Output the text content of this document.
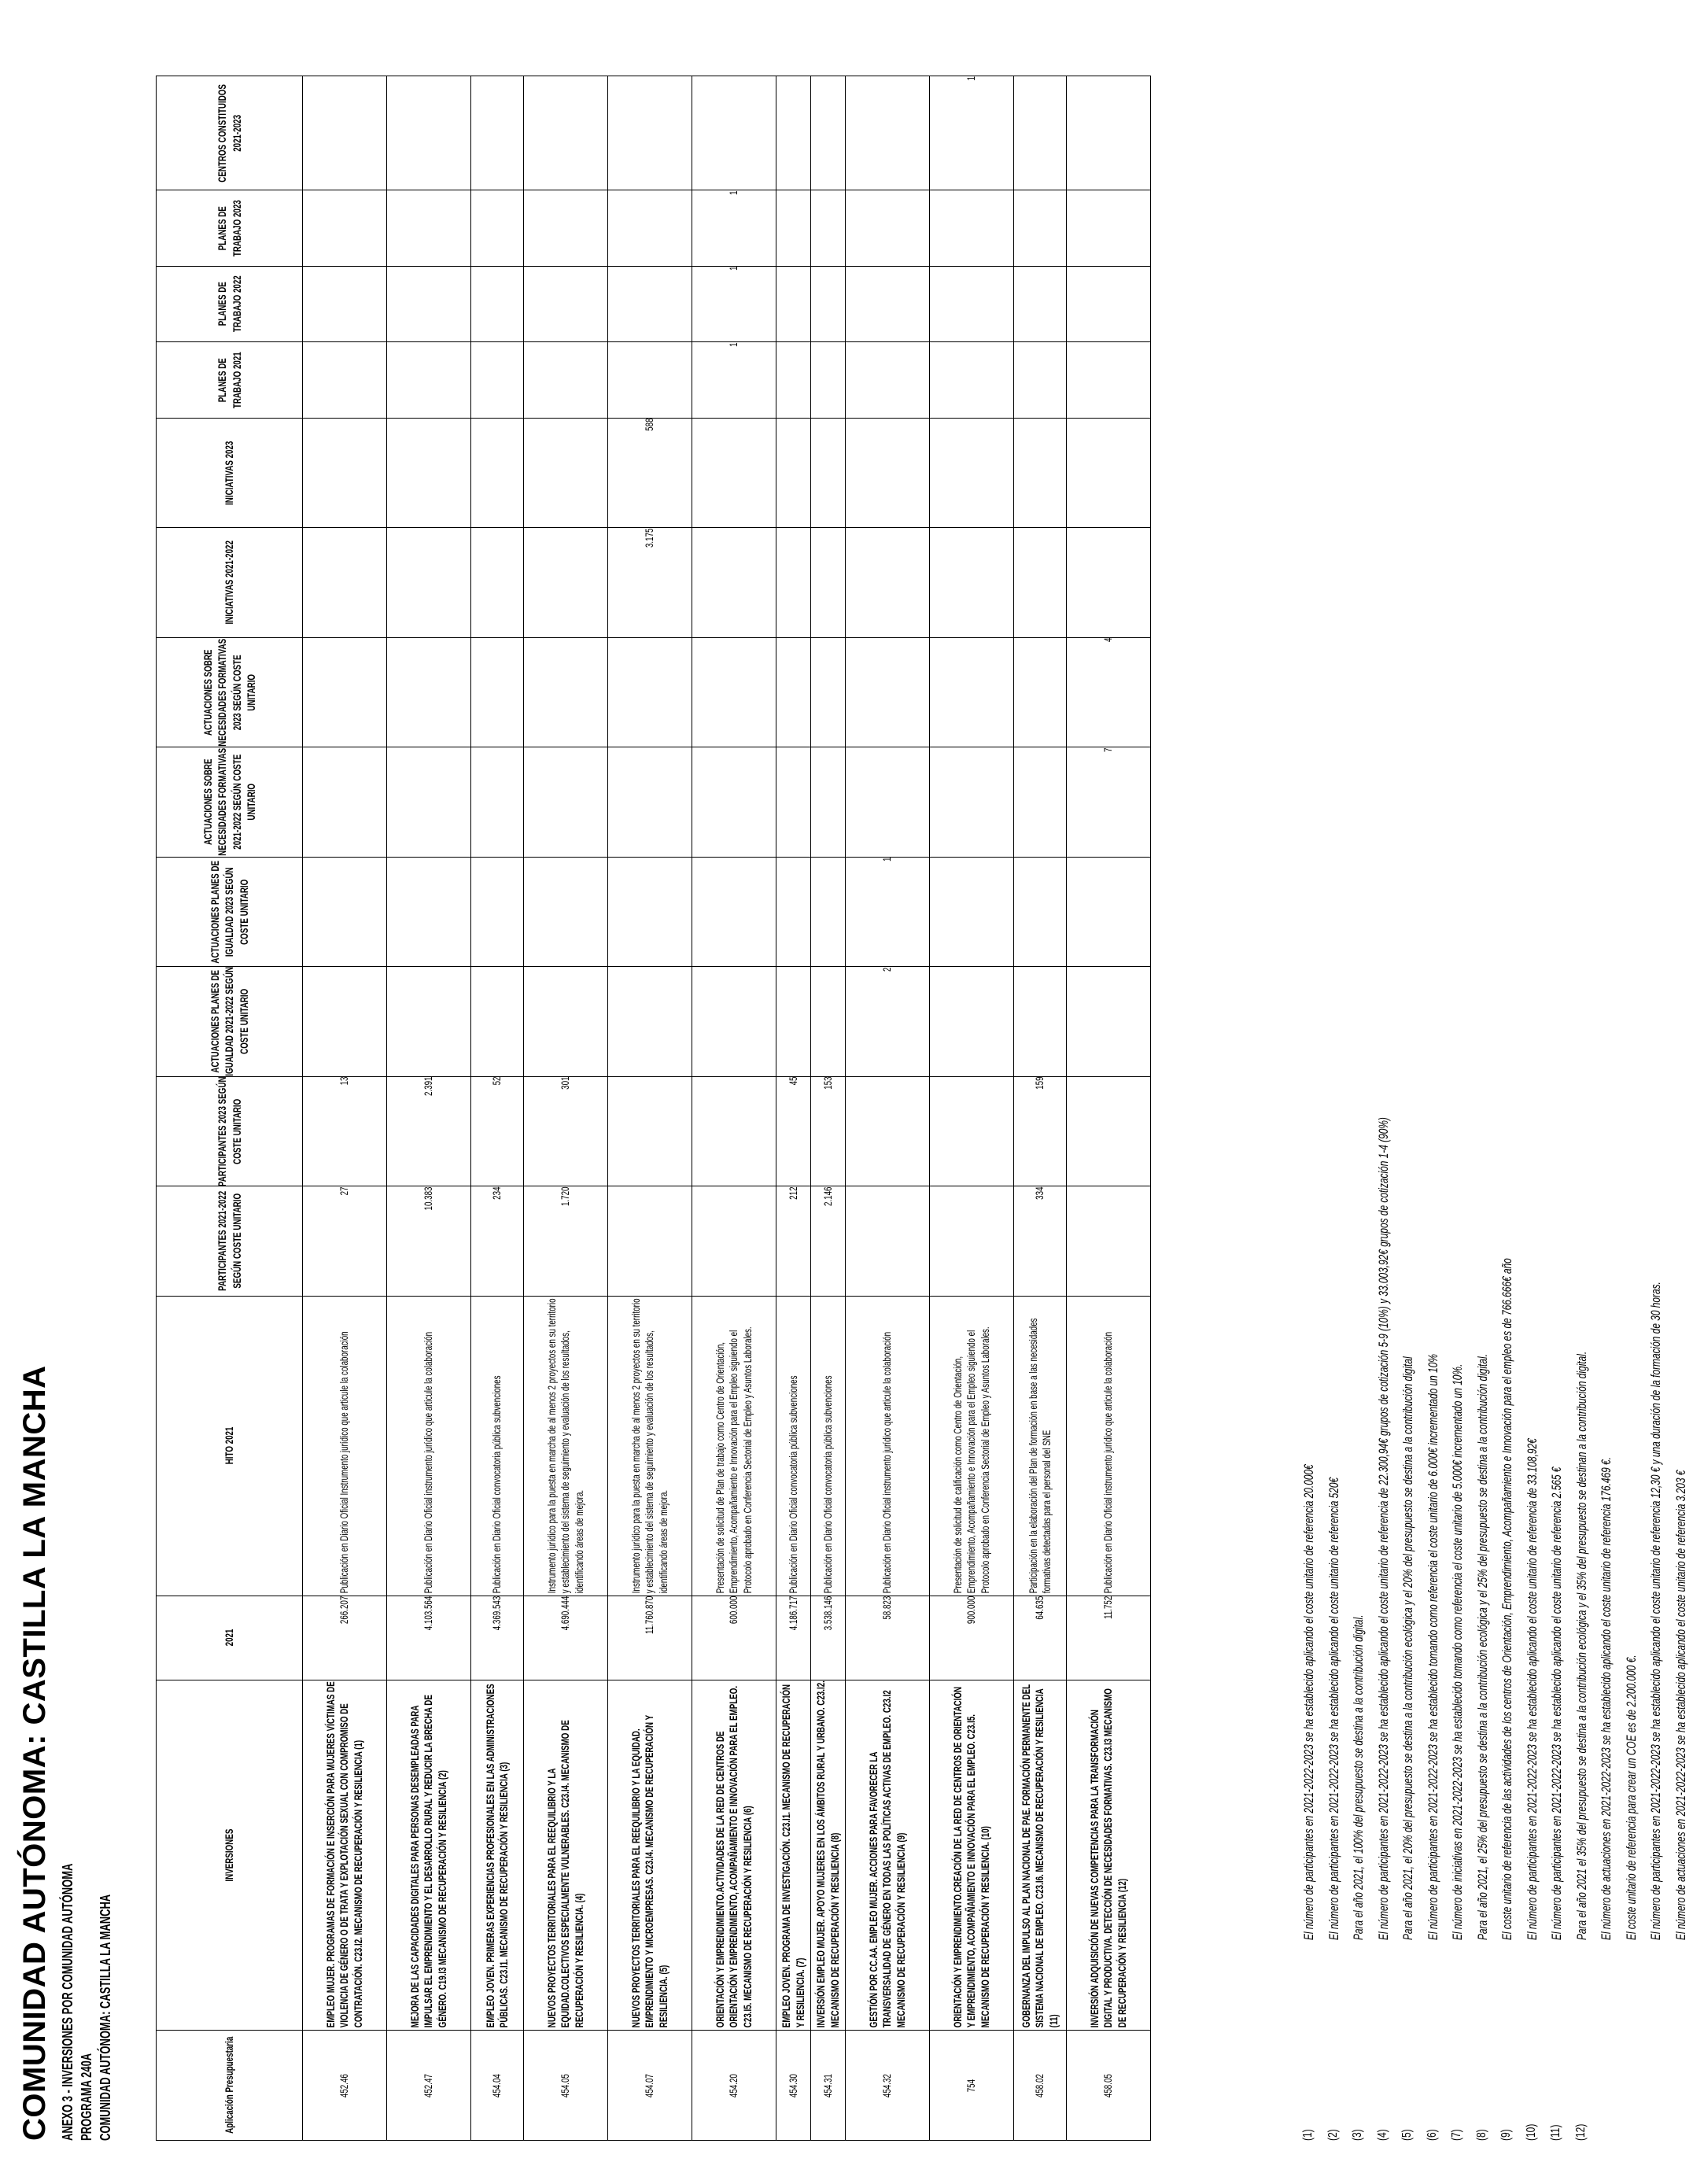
COMUNIDAD AUTÓNOMA: CASTILLA LA MANCHA ANEXO 3 - INVERSIONES POR COMUNIDAD AUTÓNOMA PROGRAMA 240A COMUNIDAD AUTÓNOMA: CASTILLA LA MANCHA	Aplicación Presupuestaria	INVERSIONES	2021	HITO 2021	PARTICIPANTES 2021-2022 SEGÚN COSTE UNITARIO	PARTICIPANTES 2023 SEGÚN COSTE UNITARIO	ACTUACIONES PLANES DE IGUALDAD 2021-2022 SEGÚN COSTE UNITARIO	ACTUACIONES PLANES DE IGUALDAD 2023 SEGÚN COSTE UNITARIO	ACTUACIONES SOBRE NECESIDADES FORMATIVAS 2021-2022 SEGÚN COSTE UNITARIO	ACTUACIONES SOBRE NECESIDADES FORMATIVAS 2023 SEGÚN COSTE UNITARIO	INICIATIVAS 2021-2022	INICIATIVAS 2023	PLANES DE TRABAJO 2021	PLANES DE TRABAJO 2022	PLANES DE TRABAJO 2023	CENTROS CONSTITUIDOS 2021-2023

452.46	EMPLEO MUJER. PROGRAMAS DE FORMACIÓN E INSERCIÓN PARA MUJERES VÍCTIMAS DE VIOLENCIA DE GÉNERO O DE TRATA Y EXPLOTACIÓN SEXUAL CON COMPROMISO DE CONTRATACIÓN. C23.I2. MECANISMO DE RECUPERACIÓN Y RESILIENCIA (1)	266.207	Publicación en Diario Oficial Instrumento jurídico que articule la colaboración	27	13										

452.47	MEJORA DE LAS CAPACIDADES DIGITALES PARA PERSONAS DESEMPLEADAS PARA IMPULSAR EL EMPRENDIMIENTO Y EL DESARROLLO RURAL Y REDUCIR LA BRECHA DE GÉNERO. C19.I3 MECANISMO DE RECUPERACIÓN Y RESILIENCIA (2)	4.103.564	Publicación en Diario Oficial instrumento jurídico que articule la colaboración	10.383	2.391										

454.04	EMPLEO JOVEN. PRIMERAS EXPERIENCIAS PROFESIONALES EN LAS ADMINISTRACIONES PÚBLICAS. C23.I1. MECANISMO DE RECUPERACIÓN Y RESILIENCIA (3)	4.369.543	Publicación en Diario Oficial convocatoria pública subvenciones	234	52										

454.05	NUEVOS PROYECTOS TERRITORIALES PARA EL REEQUILIBRIO Y LA EQUIDAD.COLECTIVOS ESPECIALMENTE VULNERABLES. C23.I4. MECANISMO DE RECUPERACIÓN Y RESILIENCIA. (4)	4.690.444	Instrumento jurídico para la puesta en marcha de al menos 2 proyectos en su territorio y establecimiento del sistema de seguimiento y evaluación de los resultados, identificando áreas de mejora.	1.720	301										

454.07	NUEVOS PROYECTOS TERRITORIALES PARA EL REEQUILIBRIO Y LA EQUIDAD. EMPRENDIMIENTO Y MICROEMPRESAS. C23.I4. MECANISMO DE RECUPERACIÓN Y RESILIENCIA. (5)	11.760.870	Instrumento jurídico para la puesta en marcha de al menos 2 proyectos en su territorio y establecimiento del sistema de seguimiento y evaluación de los resultados, identificando áreas de mejora.							3.175	588				

454.20	ORIENTACIÓN Y EMPRENDIMIENTO.ACTIVIDADES DE LA RED DE CENTROS DE ORIENTACIÓN Y EMPRENDIMIENTO, ACOMPAÑAMIENTO E INNOVACIÓN PARA EL EMPLEO. C23.I5. MECANISMO DE RECUPERACIÓN Y RESILIENCIA (6)	600.000	Presentación de solicitud de Plan de trabajo como Centro de Orientación, Emprendimiento, Acompañamiento e Innovación para el Empleo siguiendo el Protocolo aprobado en Conferencia Sectorial de Empleo y Asuntos Laborales.									1	1	1	

454.30	EMPLEO JOVEN. PROGRAMA DE INVESTIGACIÓN. C23.I1. MECANISMO DE RECUPERACIÓN Y RESILIENCIA. (7)	4.186.717	Publicación en Diario Oficial convocatoria pública subvenciones	212	45										

454.31	INVERSIÓN EMPLEO MUJER. APOYO MUJERES EN LOS ÁMBITOS RURAL Y URBANO. C23.I2. MECANISMO DE RECUPERACIÓN Y RESILIENCIA (8)	3.538.146	Publicación en Diario Oficial convocatoria pública subvenciones	2.146	153										

454.32	GESTIÓN POR CC.AA. EMPLEO MUJER. ACCIONES PARA FAVORECER LA TRANSVERSALIDAD DE GÉNERO EN TODAS LAS POLÍTICAS ACTIVAS DE EMPLEO. C23.I2 MECANISMO DE RECUPERACIÓN Y RESILIENCIA (9)	58.823	Publicación en Diario Oficial instrumento jurídico que articule la colaboración			2	1								

754	ORIENTACIÓN Y EMPRENDIMIENTO.CREACIÓN DE LA RED DE CENTROS DE ORIENTACIÓN Y EMPRENDIMIENTO, ACOMPAÑAMIENTO E INNOVACIÓN PARA EL EMPLEO. C23.I5. MECANISMO DE RECUPERACIÓN Y RESILIENCIA. (10)	900.000	Presentación de solicitud de calificación como Centro de Orientación, Emprendimiento, Acompañamiento e Innovación para el Empleo siguiendo el Protocolo aprobado en Conferencia Sectorial de Empleo y Asuntos Laborales.												1

458.02	GOBERNANZA DEL IMPULSO AL PLAN NACIONAL DE PAE. FORMACIÓN PERMANENTE DEL SISTEMA NACIONAL DE EMPLEO. C23.I6. MECANISMO DE RECUPERACIÓN Y RESILIENCIA (11)	64.635	Participación en la elaboración del Plan de formación en base a las necesidades formativas detectadas para el personal del SNE	334	159										

458.05	INVERSIÓN ADQUISICIÓN DE NUEVAS COMPETENCIAS PARA LA TRANSFORMACIÓN DIGITAL Y PRODUCTIVA. DETECCIÓN DE NECESIDADES FORMATIVAS. C23.I3 MECANISMO DE RECUPERACIÓN Y RESILIENCIA (12)	11.752	Publicación en Diario Oficial instrumento jurídico que articule la colaboración					7	4						

(1)
El número de participantes en 2021-2022-2023 se ha establecido aplicando el coste unitario de referencia 20.000€
(2)
El número de participantes en 2021-2022-2023 se ha establecido aplicando el coste unitario de referencia 520€
(3)
Para el año 2021, el 100% del presupuesto se destina a la contribución digital.
(4)
El número de participantes en 2021-2022-2023 se ha establecido aplicando el coste unitario de referencia de 22.300,94€ grupos de cotización 5-9 (10%) y 33.003,92€ grupos de cotización 1-4 (90%)
(5)
Para el año 2021, el 20% del presupuesto se destina a la contribución ecológica y el 20% del presupuesto se destina a la contribución digital
(6)
El número de participantes en 2021-2022-2023 se ha establecido tomando como referencia el coste unitario de 6.000€ incrementado un 10%
(7)
El número de iniciativas en 2021-2022-2023 se ha establecido tomando como referencia el coste unitario de 5.000€ incrementado un 10%.
(8)
Para el año 2021, el 25% del presupuesto se destina a la contribución ecológica y el 25% del presupuesto se destina a la contribución digital.
(9)
El coste unitario de referencia de las actividades de los centros de Orientación, Emprendimiento, Acompañamiento e Innovación para el empleo es de 766.666€ año
(10)
El número de participantes en 2021-2022-2023 se ha establecido aplicando el coste unitario de referencia de 33.108,92€
(11)
El número de participantes en 2021-2022-2023 se ha establecido aplicando el coste unitario de referencia 2.565 €
(12)
Para el año 2021 el 35% del presupuesto se destina a la contribución ecológica y el 35% del presupuesto se destinan a la contribución digital. El número de actuaciones en 2021-2022-2023 se ha establecido aplicando el coste unitario de referencia 176.469 €. El coste unitario de referencia para crear un COE es de 2.200.000 €. El número de participantes en 2021-2022-2023 se ha establecido aplicando el coste unitario de referencia 12,30 € y una duración de la formación de 30 horas. El número de actuaciones en 2021-2022-2023 se ha establecido aplicando el coste unitario de referencia 3.203 €
